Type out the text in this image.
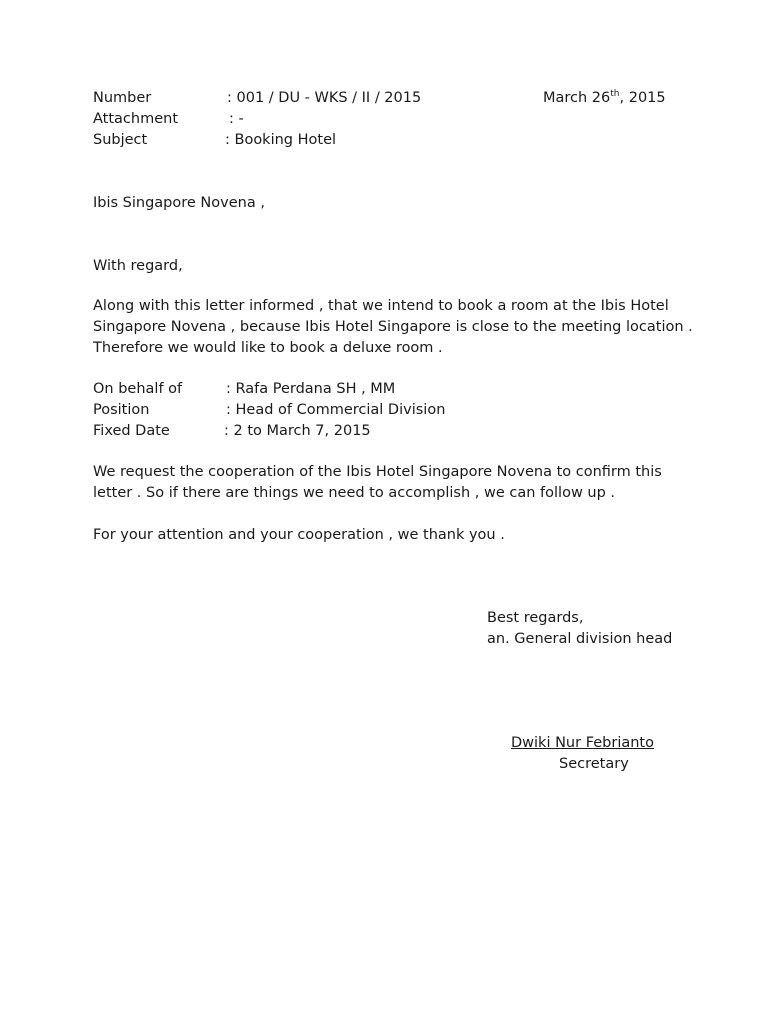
Number	: 001 / DU - WKS / II / 2015	March 26th, 2015
Attachment	: -
Subject	: Booking Hotel
Ibis Singapore Novena ,
With regard,
Along with this letter informed , that we intend to book a room at the Ibis Hotel Singapore Novena , because Ibis Hotel Singapore is close to the meeting location . Therefore we would like to book a deluxe room .
On behalf of	: Rafa Perdana SH , MM
Position	: Head of Commercial Division
Fixed Date	: 2 to March 7, 2015
We request the cooperation of the Ibis Hotel Singapore Novena to confirm this letter . So if there are things we need to accomplish , we can follow up .
For your attention and your cooperation , we thank you .
Best regards,
an. General division head
Dwiki Nur Febrianto
Secretary
